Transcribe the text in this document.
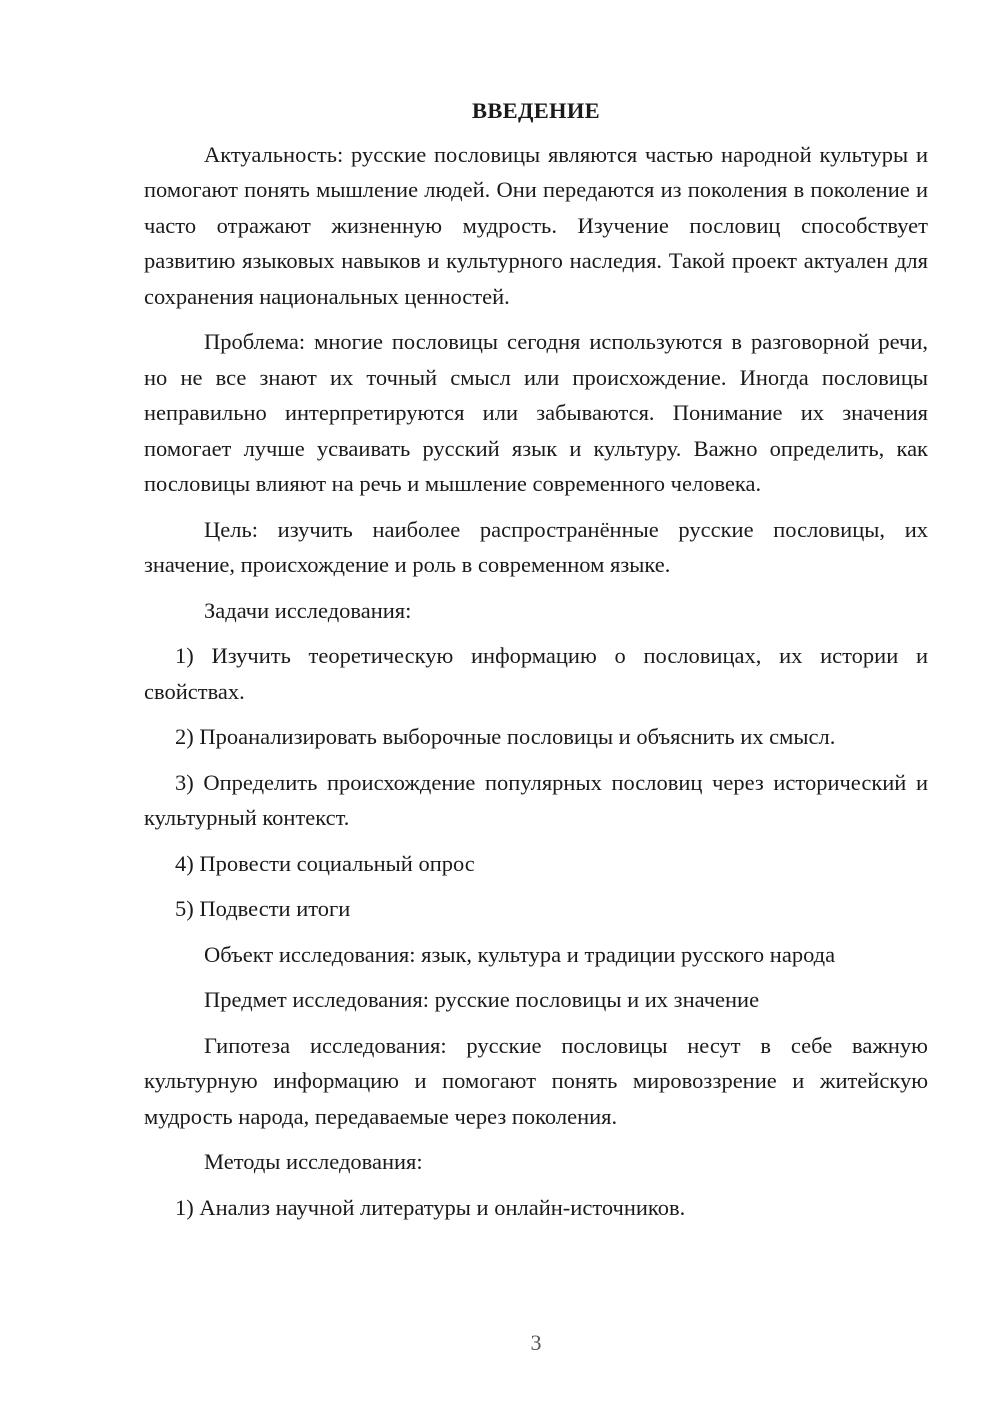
ВВЕДЕНИЕ

Актуальность: русские пословицы являются частью народной культуры и помогают понять мышление людей. Они передаются из поколения в поколение и часто отражают жизненную мудрость. Изучение пословиц способствует развитию языковых навыков и культурного наследия. Такой проект актуален для сохранения национальных ценностей.

Проблема: многие пословицы сегодня используются в разговорной речи, но не все знают их точный смысл или происхождение. Иногда пословицы неправильно интерпретируются или забываются. Понимание их значения помогает лучше усваивать русский язык и культуру. Важно определить, как пословицы влияют на речь и мышление современного человека.

Цель: изучить наиболее распространённые русские пословицы, их значение, происхождение и роль в современном языке.

Задачи исследования:

1) Изучить теоретическую информацию о пословицах, их истории и свойствах.

2) Проанализировать выборочные пословицы и объяснить их смысл.

3) Определить происхождение популярных пословиц через исторический и культурный контекст.

4) Провести социальный опрос

5) Подвести итоги

Объект исследования: язык, культура и традиции русского народа

Предмет исследования: русские пословицы и их значение

Гипотеза исследования: русские пословицы несут в себе важную культурную информацию и помогают понять мировоззрение и житейскую мудрость народа, передаваемые через поколения.

Методы исследования:

1) Анализ научной литературы и онлайн-источников.

3
